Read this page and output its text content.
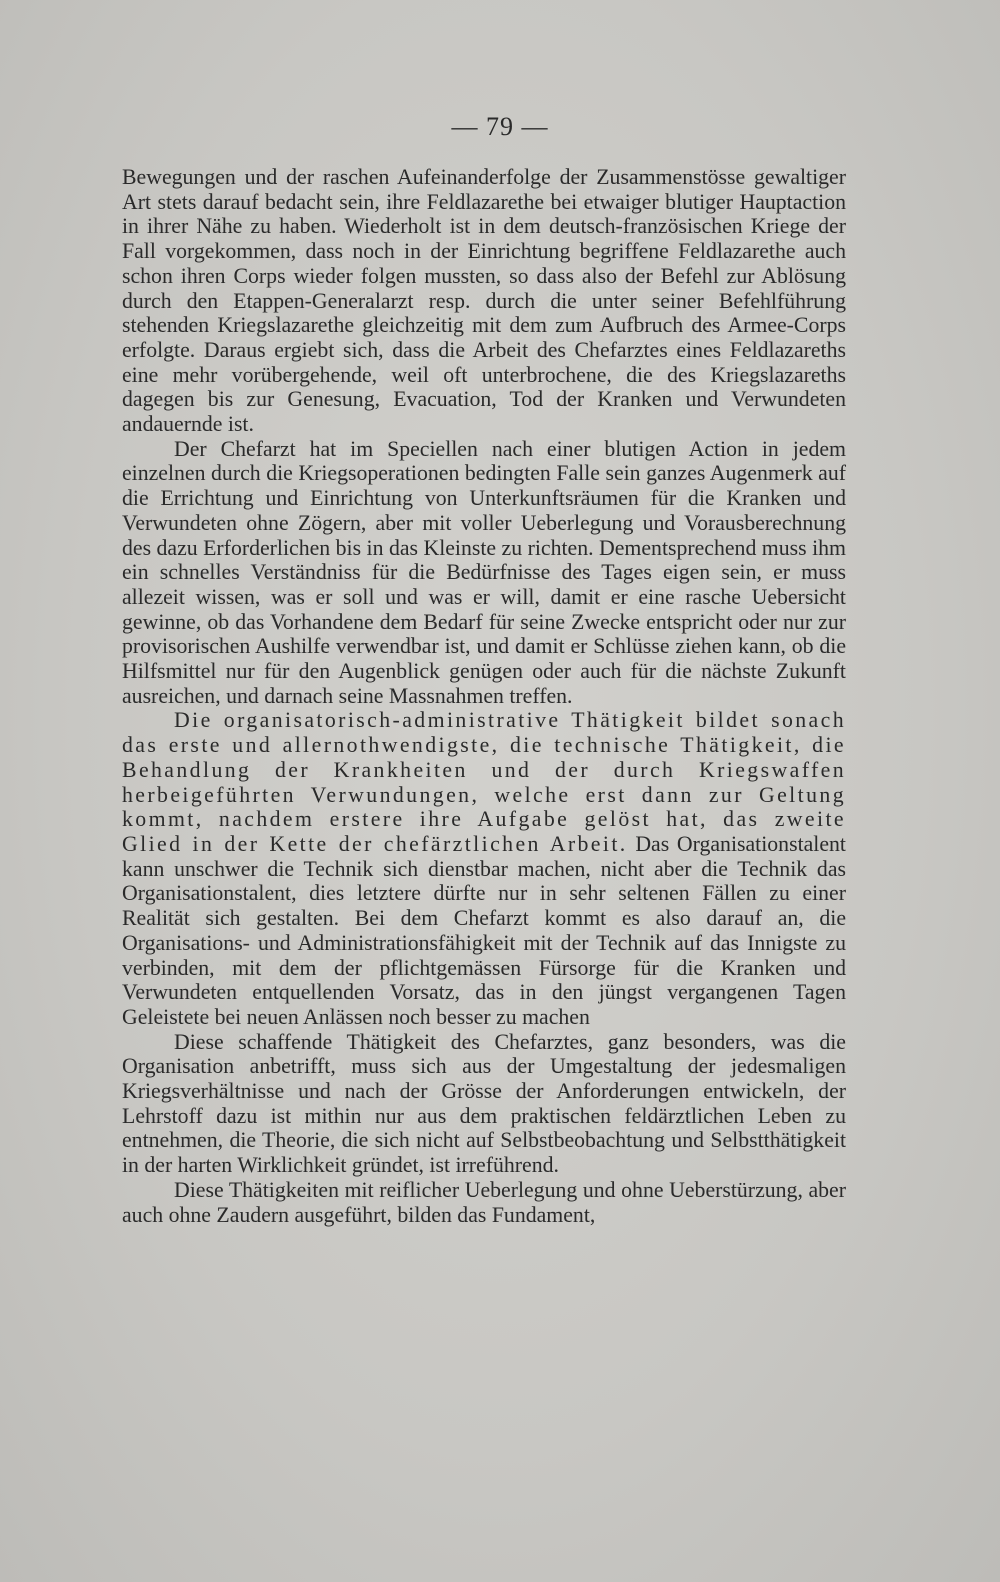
— 79 —

Bewegungen und der raschen Aufeinanderfolge der Zusammenstösse gewaltiger Art stets darauf bedacht sein, ihre Feldlazarethe bei etwaiger blutiger Hauptaction in ihrer Nähe zu haben. Wiederholt ist in dem deutsch-französischen Kriege der Fall vorgekommen, dass noch in der Einrichtung begriffene Feldlazarethe auch schon ihren Corps wieder folgen mussten, so dass also der Befehl zur Ablösung durch den Etappen-Generalarzt resp. durch die unter seiner Befehlführung stehenden Kriegslazarethe gleichzeitig mit dem zum Aufbruch des Armee-Corps erfolgte. Daraus ergiebt sich, dass die Arbeit des Chefarztes eines Feldlazareths eine mehr vorübergehende, weil oft unterbrochene, die des Kriegslazareths dagegen bis zur Genesung, Evacuation, Tod der Kranken und Verwundeten andauernde ist.

Der Chefarzt hat im Speciellen nach einer blutigen Action in jedem einzelnen durch die Kriegsoperationen bedingten Falle sein ganzes Augenmerk auf die Errichtung und Einrichtung von Unterkunftsräumen für die Kranken und Verwundeten ohne Zögern, aber mit voller Ueberlegung und Vorausberechnung des dazu Erforderlichen bis in das Kleinste zu richten. Dementsprechend muss ihm ein schnelles Verständniss für die Bedürfnisse des Tages eigen sein, er muss allezeit wissen, was er soll und was er will, damit er eine rasche Uebersicht gewinne, ob das Vorhandene dem Bedarf für seine Zwecke entspricht oder nur zur provisorischen Aushilfe verwendbar ist, und damit er Schlüsse ziehen kann, ob die Hilfsmittel nur für den Augenblick genügen oder auch für die nächste Zukunft ausreichen, und darnach seine Massnahmen treffen.

Die organisatorisch-administrative Thätigkeit bildet sonach das erste und allernothwendigste, die technische Thätigkeit, die Behandlung der Krankheiten und der durch Kriegswaffen herbeigeführten Verwundungen, welche erst dann zur Geltung kommt, nachdem erstere ihre Aufgabe gelöst hat, das zweite Glied in der Kette der chefärztlichen Arbeit. Das Organisationstalent kann unschwer die Technik sich dienstbar machen, nicht aber die Technik das Organisationstalent, dies letztere dürfte nur in sehr seltenen Fällen zu einer Realität sich gestalten. Bei dem Chefarzt kommt es also darauf an, die Organisations- und Administrationsfähigkeit mit der Technik auf das Innigste zu verbinden, mit dem der pflichtgemässen Fürsorge für die Kranken und Verwundeten entquellenden Vorsatz, das in den jüngst vergangenen Tagen Geleistete bei neuen Anlässen noch besser zu machen

Diese schaffende Thätigkeit des Chefarztes, ganz besonders, was die Organisation anbetrifft, muss sich aus der Umgestaltung der jedesmaligen Kriegsverhältnisse und nach der Grösse der Anforderungen entwickeln, der Lehrstoff dazu ist mithin nur aus dem praktischen feldärztlichen Leben zu entnehmen, die Theorie, die sich nicht auf Selbstbeobachtung und Selbstthätigkeit in der harten Wirklichkeit gründet, ist irreführend.

Diese Thätigkeiten mit reiflicher Ueberlegung und ohne Ueberstürzung, aber auch ohne Zaudern ausgeführt, bilden das Fundament,
